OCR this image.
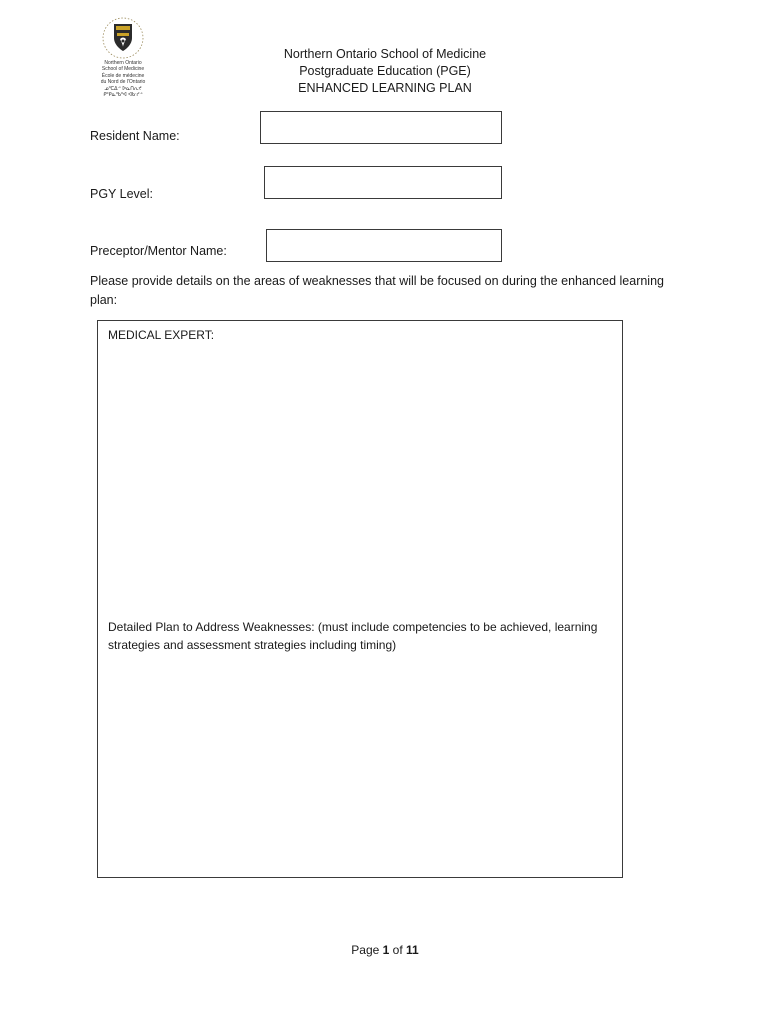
Northern Ontario
School of Medicine
École de médecine
du Nord de l'Ontario
ᓄᐦᑕᐃᐧᐣ ᐅᓇᑎᕆᔪ
ᑭᐦᑭᓇᐦᑲᐦᐊ ᐊᑲᐧᓯᐧᐣ
Northern Ontario School of Medicine
Postgraduate Education (PGE)
ENHANCED LEARNING PLAN
Resident Name:
PGY Level:
Preceptor/Mentor Name:
Please provide details on the areas of weaknesses that will be focused on during the enhanced learning plan:
MEDICAL EXPERT:
Detailed Plan to Address Weaknesses: (must include competencies to be achieved, learning strategies and assessment strategies including timing)
Page 1 of 11
